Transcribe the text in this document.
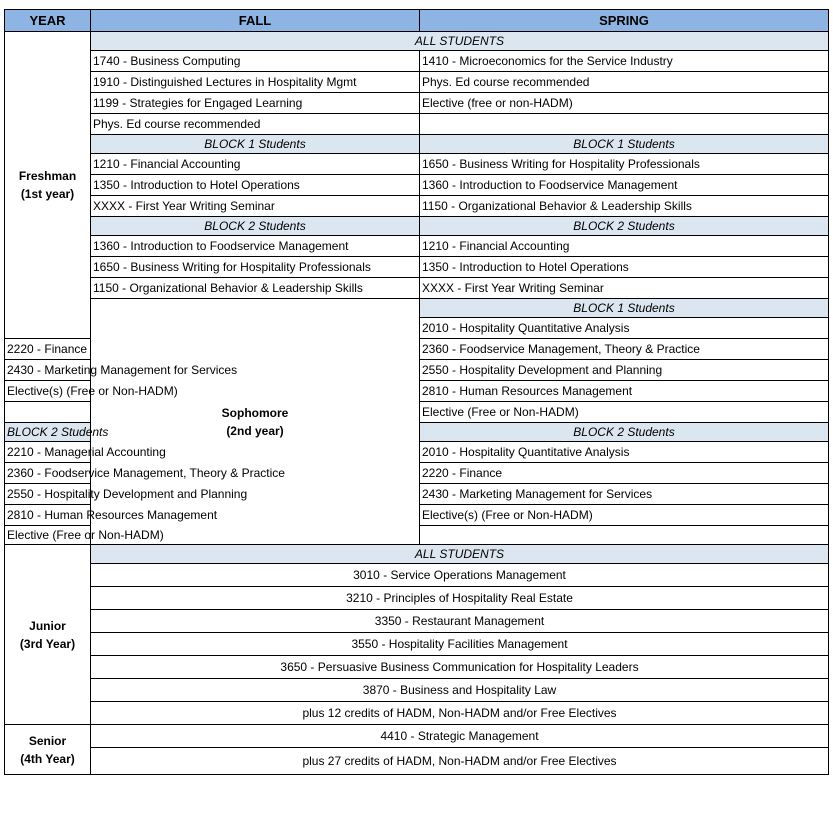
YEAR	FALL	SPRING	

Freshman
(1st year)	ALL STUDENTS		
	1740 - Business Computing	1410 - Microeconomics for the Service Industry	
	1910 - Distinguished Lectures in Hospitality Mgmt	Phys. Ed course recommended	
	1199 - Strategies for Engaged Learning	Elective (free or non-HADM)	
	Phys. Ed course recommended		
	BLOCK 1 Students	BLOCK 1 Students	
	1210 - Financial Accounting	1650 - Business Writing for Hospitality Professionals	
	1350 - Introduction to Hotel Operations	1360 - Introduction to Foodservice Management	
	XXXX - First Year Writing Seminar	1150 - Organizational Behavior & Leadership Skills	
	BLOCK 2 Students	BLOCK 2 Students	
	1360 - Introduction to Foodservice Management	1210 - Financial Accounting	
	1650 - Business Writing for Hospitality Professionals	1350 - Introduction to Hotel Operations	
	1150 - Organizational Behavior & Leadership Skills	XXXX - First Year Writing Seminar	

	Sophomore
(2nd year)	BLOCK 1 Students	
		2010 - Hospitality Quantitative Analysis	
2220 - Finance		2360 - Foodservice Management, Theory & Practice	
2430 - Marketing Management for Services		2550 - Hospitality Development and Planning	
Elective(s) (Free or Non-HADM)		2810 - Human Resources Management	
		Elective (Free or Non-HADM)	
BLOCK 2 Students		BLOCK 2 Students	
2210 - Managerial Accounting		2010 - Hospitality Quantitative Analysis	
2360 - Foodservice Management, Theory & Practice		2220 - Finance	
2550 - Hospitality Development and Planning		2430 - Marketing Management for Services	
2810 - Human Resources Management		Elective(s) (Free or Non-HADM)	
Elective (Free or Non-HADM)			

Junior
(3rd Year)	ALL STUDENTS		
	3010 - Service Operations Management		
	3210 - Principles of Hospitality Real Estate		
	3350 - Restaurant Management		
	3550 - Hospitality Facilities Management		
	3650 - Persuasive Business Communication for Hospitality Leaders		
	3870 - Business and Hospitality Law		
	plus 12 credits of HADM, Non-HADM and/or Free Electives		

Senior
(4th Year)	4410 - Strategic Management		
	plus 27 credits of HADM, Non-HADM and/or Free Electives		
